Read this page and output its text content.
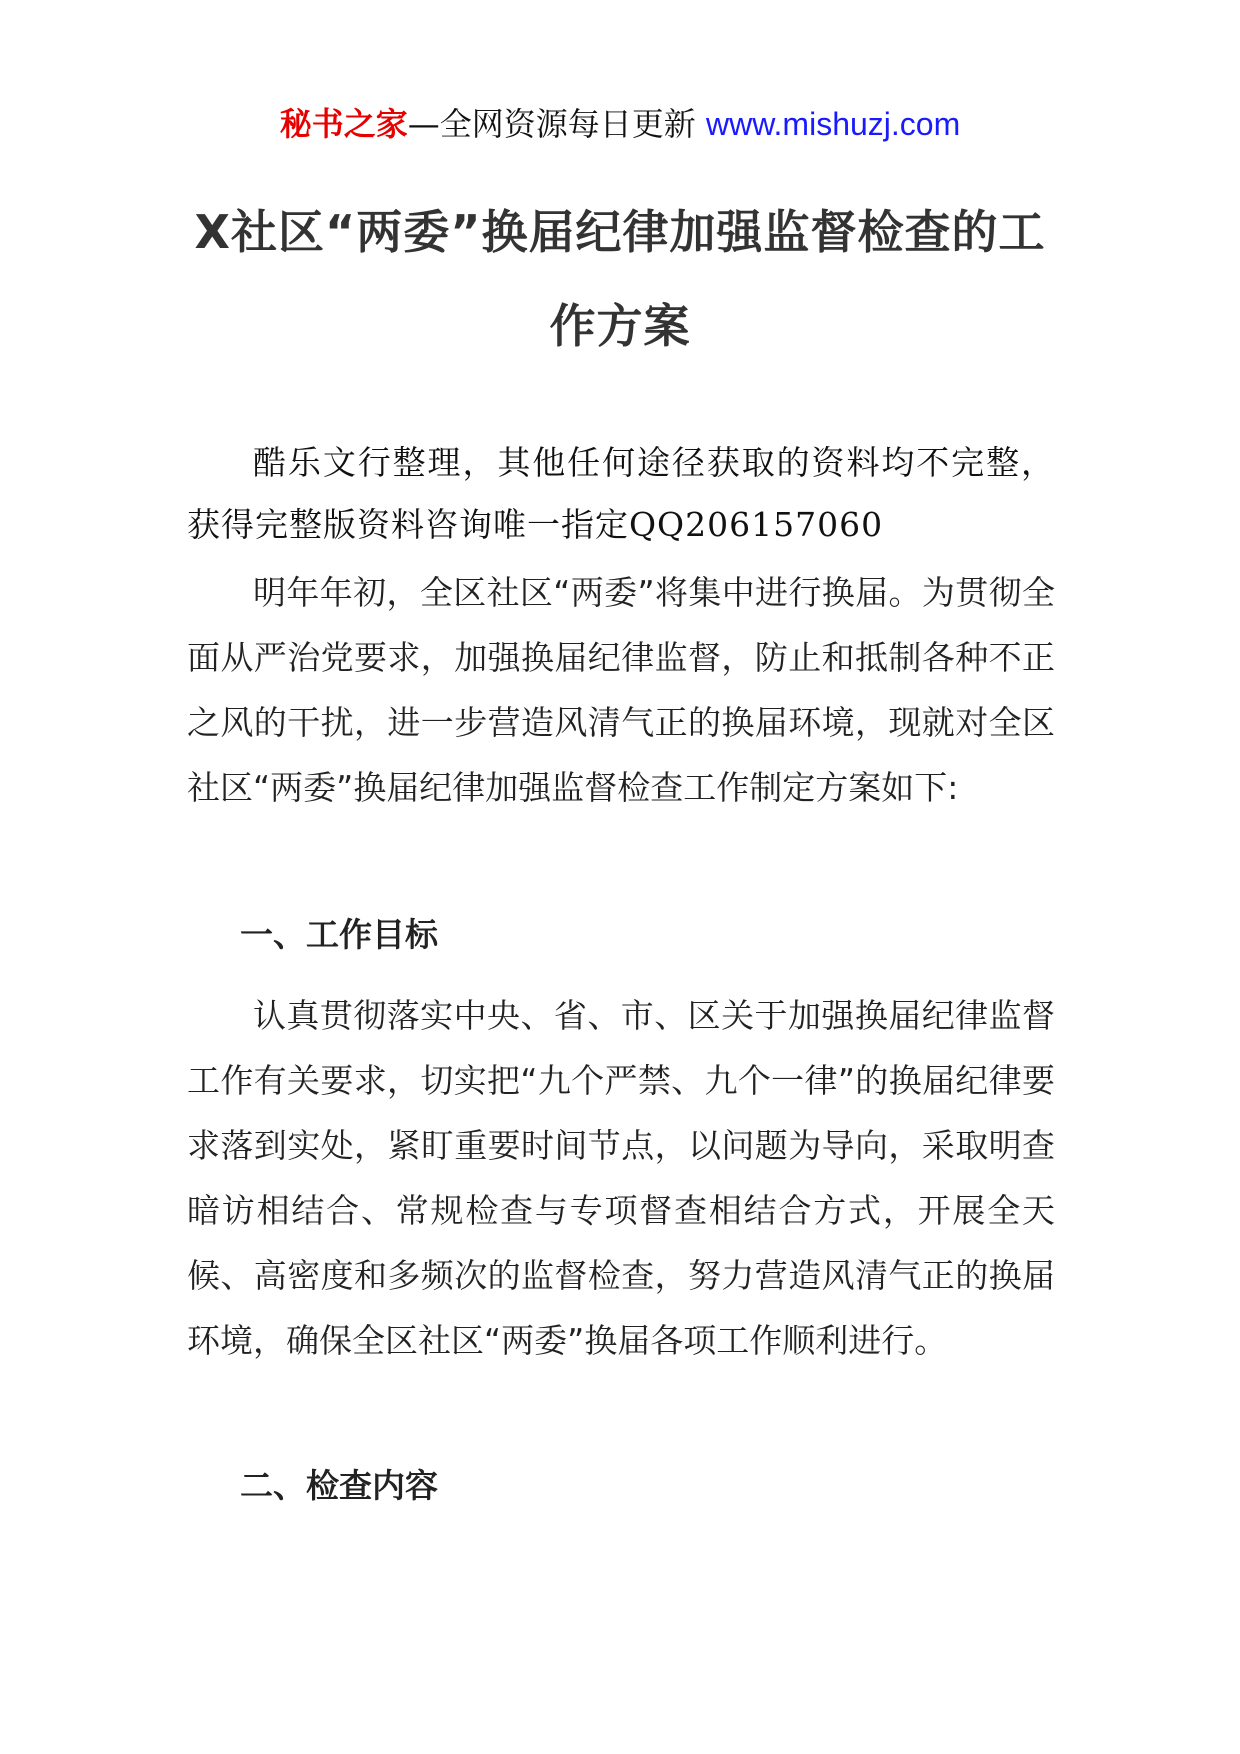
秘书之家—全网资源每日更新 www.mishuzj.com
X社区“两委”换届纪律加强监督检查的工作方案
酷乐文行整理，其他任何途径获取的资料均不完整，获得完整版资料咨询唯一指定QQ206157060
明年年初，全区社区“两委”将集中进行换届。为贯彻全面从严治党要求，加强换届纪律监督，防止和抵制各种不正之风的干扰，进一步营造风清气正的换届环境，现就对全区社区“两委”换届纪律加强监督检查工作制定方案如下:
一、工作目标
认真贯彻落实中央、省、市、区关于加强换届纪律监督工作有关要求，切实把“九个严禁、九个一律”的换届纪律要求落到实处，紧盯重要时间节点，以问题为导向，采取明查暗访相结合、常规检查与专项督查相结合方式，开展全天候、高密度和多频次的监督检查，努力营造风清气正的换届环境，确保全区社区“两委”换届各项工作顺利进行。
二、检查内容
